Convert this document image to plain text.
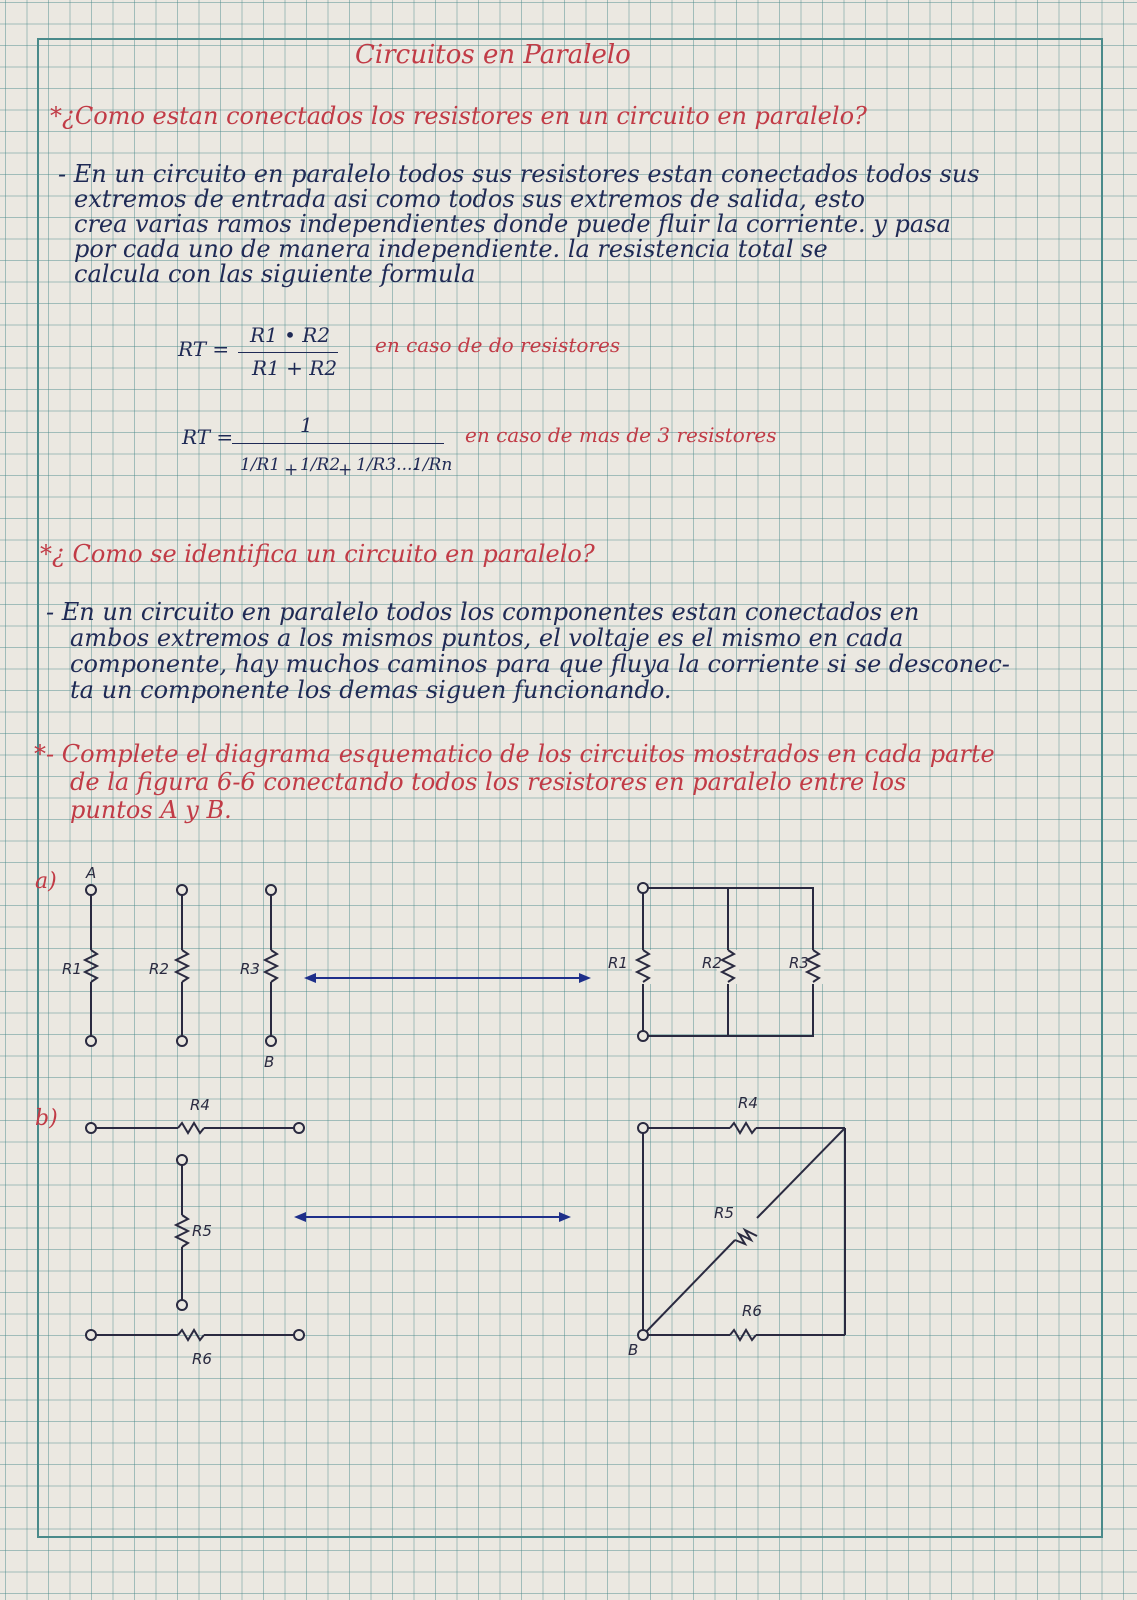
Circuitos en Paralelo
*¿Como estan conectados los resistores en un circuito en paralelo?
- En un circuito en paralelo todos sus resistores estan conectados todos sus
extremos de entrada asi como todos sus extremos de salida, esto
crea varias ramos independientes donde puede fluir la corriente. y pasa
por cada uno de manera independiente. la resistencia total se
calcula con las siguiente formula
RT =
R1 • R2
R1 + R2
en caso de do resistores
RT =	1
1/R1 + 1/R2
+ 1/R3....
1/Rn
en caso de mas de 3 resistores
*¿ Como se identifica un circuito en paralelo?
- En un circuito en paralelo todos los componentes estan conectados en
ambos extremos a los mismos puntos, el voltaje es el mismo en cada
componente, hay muchos caminos para que fluya la corriente si se desconec-
ta un componente los demas siguen funcionando.
*- Complete el diagrama esquematico de los circuitos mostrados en cada parte
de la figura 6-6 conectando todos los resistores en paralelo entre los
puntos A y B.
a)
b)
A
B
R1	R2	R3	R1	R2	R3
R4
R5
R6
R4
R5
R6
B
